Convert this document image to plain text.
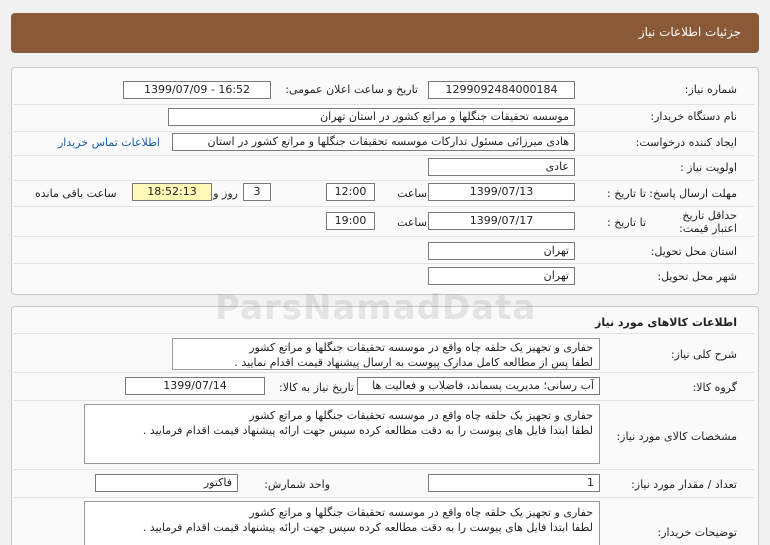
جزئیات اطلاعات نیاز
شماره نیاز:
1299092484000184
تاریخ و ساعت اعلان عمومی:
1399/07/09 - 16:52
نام دستگاه خریدار:
موسسه تحقیقات جنگلها و مراتع کشور در استان تهران
ایجاد کننده درخواست:
هادی میرزائی مسئول تدارکات موسسه تحقیقات جنگلها و مراتع کشور در استان
اطلاعات تماس خریدار
اولویت نیاز :
عادی
مهلت ارسال پاسخ:
تا تاریخ :
1399/07/13
ساعت
12:00
3
روز و
18:52:13
ساعت باقی مانده
حداقل تاریخ اعتبار قیمت:
تا تاریخ :
1399/07/17
ساعت
19:00
استان محل تحویل:
تهران
شهر محل تحویل:
تهران
اطلاعات کالاهای مورد نیاز
شرح کلی نیاز:
حفاری و تجهیز یک حلقه چاه واقع در موسسه تحقیقات جنگلها و مراتع کشور
لطفا پس از مطالعه کامل مدارک پیوست به ارسال پیشنهاد قیمت اقدام نمایید .
گروه کالا:
آب رسانی؛ مدیریت پسماند، فاضلاب و فعالیت ها
تاریخ نیاز به کالا:
1399/07/14
مشخصات کالای مورد نیاز:
حفاری و تجهیز یک حلقه چاه واقع در موسسه تحقیقات جنگلها و مراتع کشور
لطفا ابتدا فایل های پیوست را به دقت مطالعه کرده سپس جهت ارائه پیشنهاد قیمت اقدام فرمایید .
تعداد / مقدار مورد نیاز:
1
واحد شمارش:
فاکتور
توضیحات خریدار:
حفاری و تجهیز یک حلقه چاه واقع در موسسه تحقیقات جنگلها و مراتع کشور
لطفا ابتدا فایل های پیوست را به دقت مطالعه کرده سپس جهت ارائه پیشنهاد قیمت اقدام فرمایید .
ParsNamadData
